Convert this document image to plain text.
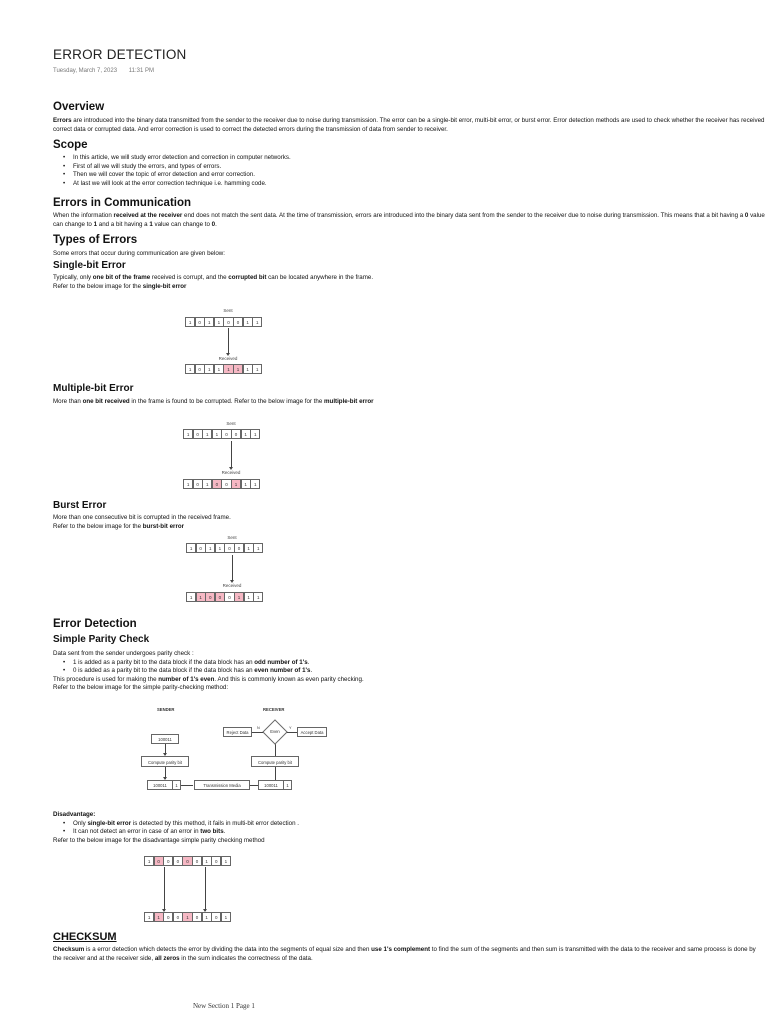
ERROR DETECTION
Tuesday, March 7, 2023 11:31 PM
Overview
Errors are introduced into the binary data transmitted from the sender to the receiver due to noise during transmission. The error can be a single-bit error, multi-bit error, or burst error. Error detection methods are used to check whether the receiver has received correct data or corrupted data. And error correction is used to correct the detected errors during the transmission of data from sender to receiver.
Scope
• In this article, we will study error detection and correction in computer networks.
• First of all we will study the errors, and types of errors.
• Then we will cover the topic of error detection and error correction.
• At last we will look at the error correction technique i.e. hamming code.
Errors in Communication
When the information received at the receiver end does not match the sent data. At the time of transmission, errors are introduced into the binary data sent from the sender to the receiver due to noise during transmission. This means that a bit having a 0 value can change to 1 and a bit having a 1 value can change to 0.
Types of Errors
Some errors that occur during communication are given below:
Single-bit Error
Typically, only one bit of the frame received is corrupt, and the corrupted bit can be located anywhere in the frame.
Refer to the below image for the single-bit error
Sent
1	0	1	1	0	0	1	1
Received
1	0	1	1	1	1	1	1
Multiple-bit Error
More than one bit received in the frame is found to be corrupted. Refer to the below image for the multiple-bit error
Sent
1	0	1	1	0	0	1	1
Received
1	0	1	0	0	1	1	1
Burst Error
More than one consecutive bit is corrupted in the received frame.
Refer to the below image for the burst-bit error
Sent
1	0	1	1	0	0	1	1
Received
1	1	0	0	0	1	1	1
Error Detection
Simple Parity Check
Data sent from the sender undergoes parity check :
• 1 is added as a parity bit to the data block if the data block has an odd number of 1's.
• 0 is added as a parity bit to the data block if the data block has an even number of 1's.
This procedure is used for making the number of 1's even. And this is commonly known as even parity checking.
Refer to the below image for the simple parity-checking method:
SENDER	RECEIVER
100011
Compute parity bit
100011	1	Transmission Media	100011	1
Compute parity bit
Even
N	Y
Reject Data	Accept Data
Disadvantage:
• Only single-bit error is detected by this method, it fails in multi-bit error detection .
• It can not detect an error in case of an error in two bits.
Refer to the below image for the disadvantage simple parity checking method
1	0	0	0	0	0	1	0	1
1	1	0	0	1	0	1	0	1
CHECKSUM
Checksum is a error detection which detects the error by dividing the data into the segments of equal size and then use 1's complement to find the sum of the segments and then sum is transmitted with the data to the receiver and same process is done by the receiver and at the receiver side, all zeros in the sum indicates the correctness of the data.
New Section 1 Page 1
